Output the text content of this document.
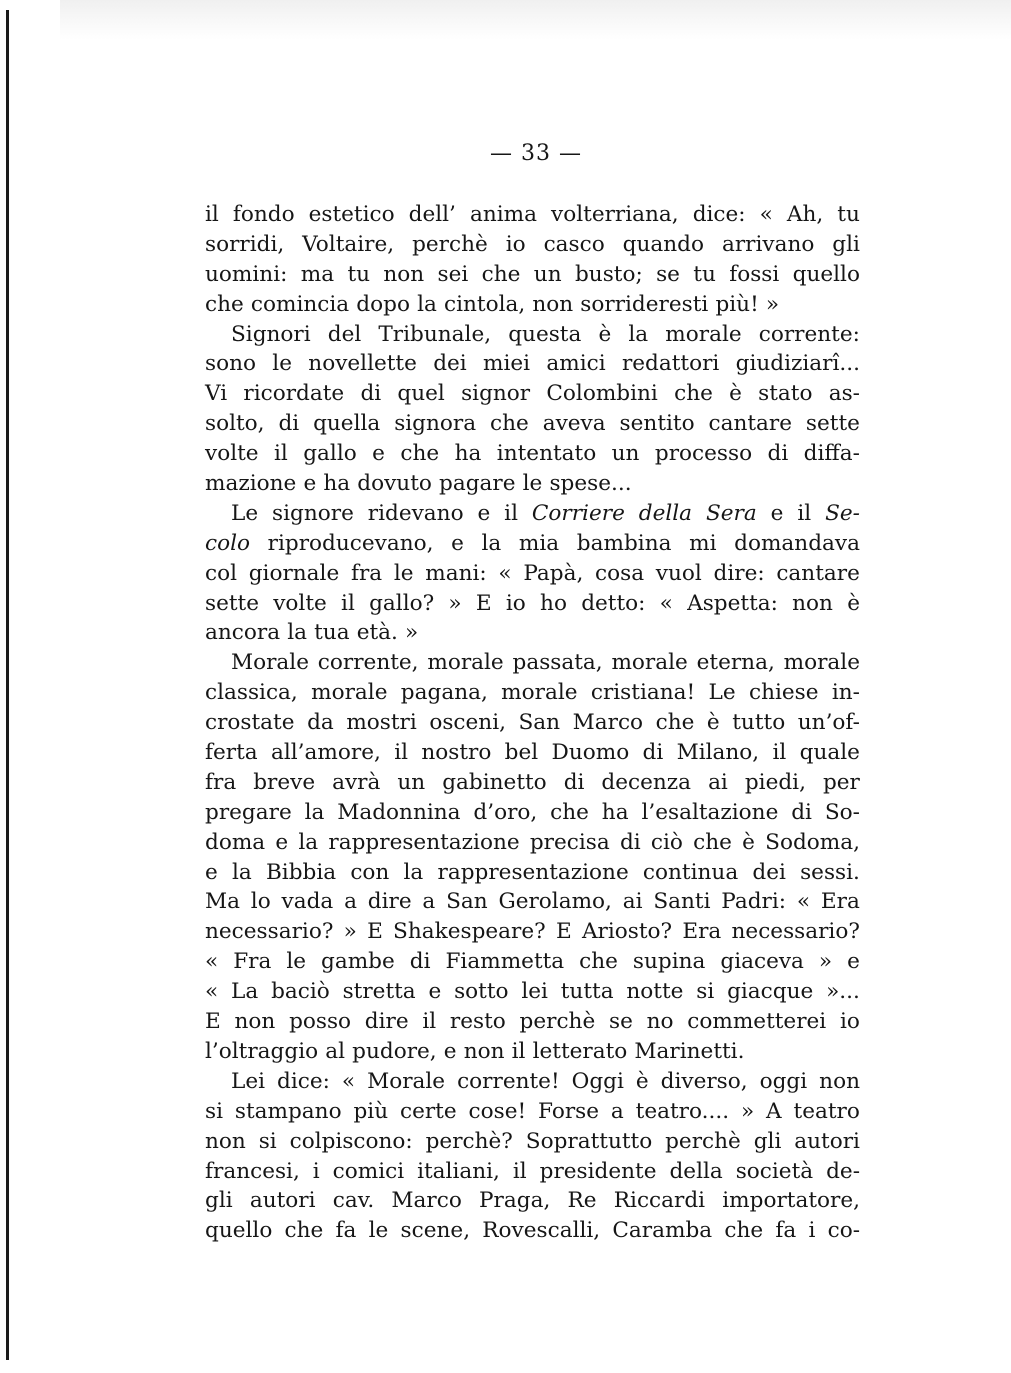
— 33 —
il fondo estetico dell’ anima volterriana, dice: « Ah, tu
sorridi, Voltaire, perchè io casco quando arrivano gli
uomini: ma tu non sei che un busto; se tu fossi quello
che comincia dopo la cintola, non sorrideresti più! »
Signori del Tribunale, questa è la morale corrente:
sono le novellette dei miei amici redattori giudiziarî...
Vi ricordate di quel signor Colombini che è stato as-
solto, di quella signora che aveva sentito cantare sette
volte il gallo e che ha intentato un processo di diffa-
mazione e ha dovuto pagare le spese...
Le signore ridevano e il Corriere della Sera e il Se-
colo riproducevano, e la mia bambina mi domandava
col giornale fra le mani: « Papà, cosa vuol dire: cantare
sette volte il gallo? » E io ho detto: « Aspetta: non è
ancora la tua età. »
Morale corrente, morale passata, morale eterna, morale
classica, morale pagana, morale cristiana! Le chiese in-
crostate da mostri osceni, San Marco che è tutto un’of-
ferta all’amore, il nostro bel Duomo di Milano, il quale
fra breve avrà un gabinetto di decenza ai piedi, per
pregare la Madonnina d’oro, che ha l’esaltazione di So-
doma e la rappresentazione precisa di ciò che è Sodoma,
e la Bibbia con la rappresentazione continua dei sessi.
Ma lo vada a dire a San Gerolamo, ai Santi Padri: « Era
necessario? » E Shakespeare? E Ariosto? Era necessario?
« Fra le gambe di Fiammetta che supina giaceva » e
« La baciò stretta e sotto lei tutta notte si giacque »...
E non posso dire il resto perchè se no commetterei io
l’oltraggio al pudore, e non il letterato Marinetti.
Lei dice: « Morale corrente! Oggi è diverso, oggi non
si stampano più certe cose! Forse a teatro.... » A teatro
non si colpiscono: perchè? Soprattutto perchè gli autori
francesi, i comici italiani, il presidente della società de-
gli autori cav. Marco Praga, Re Riccardi importatore,
quello che fa le scene, Rovescalli, Caramba che fa i co-
